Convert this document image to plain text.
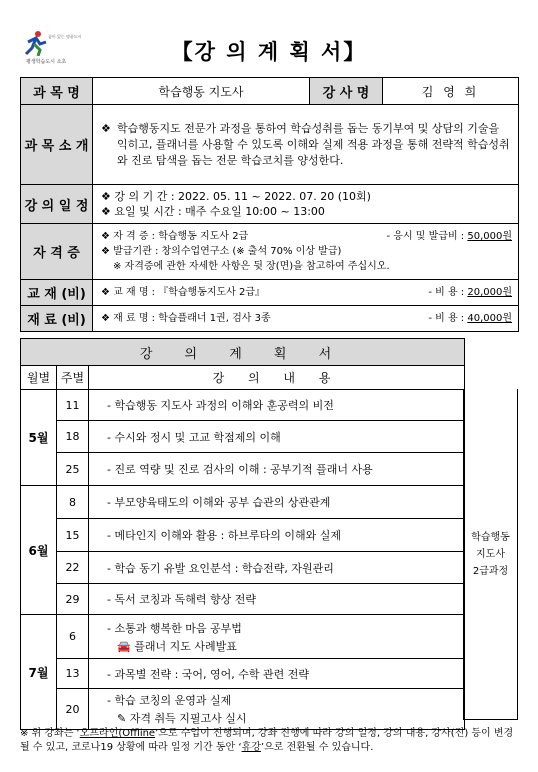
꿈이 있는 명품도시
평생학습도시 소초	【강 의 계 획 서】
과 목 명	학습행동 지도사	강 사 명	김 영 희
과 목 소 개	❖ 학습행동지도 전문가 과정을 통하여 학습성취를 돕는 동기부여 및 상담의 기술을 익히고, 플래너를 사용할 수 있도록 이해와 실제 적용 과정을 통해 전략적 학습성취와 진로 탐색을 돕는 전문 학습코치를 양성한다.		

강 의 일 정	❖ 강 의 기 간 : 2022. 05. 11 ~ 2022. 07. 20 (10회)
❖ 요일 및 시간 : 매주 수요일 10:00 ~ 13:00		

자 격 증	❖ 자 격 증 : 학습행동 지도사 2급 - 응시 및 발급비 : 50,000원
❖ 발급기관 : 창의수업연구소 (※ 출석 70% 이상 발급)
※ 자격증에 관한 자세한 사항은 뒷 장(면)을 참고하여 주십시오.		

교 재 (비)	❖ 교 재 명 : 『학습행동지도사 2급』 - 비 용 : 20,000원		

재 료 (비)	❖ 재 료 명 : 학습플래너 1권, 검사 3종 - 비 용 : 40,000원		
강 의 계 획 서		
월별	주별	강 의 내 용
5월	11	- 학습행동 지도사 과정의 이해와 훈공력의 비전
	18	- 수시와 정시 및 고교 학점제의 이해
	25	- 진로 역량 및 진로 검사의 이해 : 공부기적 플래너 사용
6월	8	- 부모양육태도의 이해와 공부 습관의 상관관계
	15	- 메타인지 이해와 활용 : 하브루타의 이해와 실제
	22	- 학습 동기 유발 요인분석 : 학습전략, 자원관리
	29	- 독서 코칭과 독해력 향상 전략
7월	6	- 소통과 행복한 마음 공부법
🚘 플래너 지도 사례발표

	13	- 과목별 전략 : 국어, 영어, 수학 관련 전략
	20	- 학습 코칭의 운영과 실제
✎ 자격 취득 지필고사 실시
학습행동
지도사
2급과정
※ 위 강좌는 ‘오프라인(Offline’으로 수업이 진행되며, 강좌 진행에 따라 강의 일정, 강의 내용, 강사(진) 등이 변경될 수 있고, 코로나19 상황에 따라 일정 기간 동안 ‘휴강’으로 전환될 수 있습니다.
